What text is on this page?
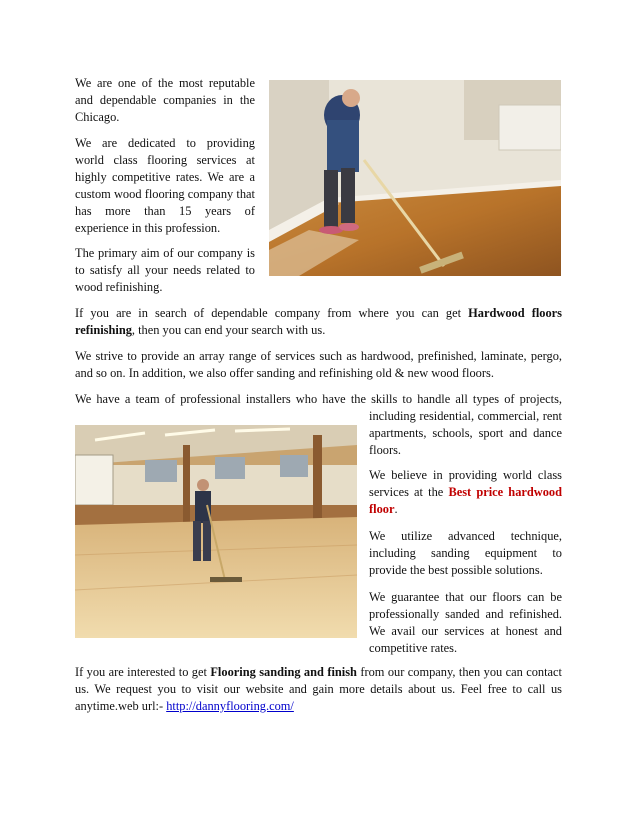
We are one of the most reputable and dependable companies in the Chicago.

We are dedicated to providing world class flooring services at highly competitive rates. We are a custom wood flooring company that has more than 15 years of experience in this profession.

The primary aim of our company is to satisfy all your needs related to wood refinishing.

If you are in search of dependable company from where you can get Hardwood floors refinishing, then you can end your search with us.

We strive to provide an array range of services such as hardwood, prefinished, laminate, pergo, and so on. In addition, we also offer sanding and refinishing old & new wood floors.

We have a team of professional installers who have the skills to handle all types of projects,

including residential, commercial, rent apartments, schools, sport and dance floors.

We believe in providing world class services at the Best price hardwood floor.

We utilize advanced technique, including sanding equipment to provide the best possible solutions.

We guarantee that our floors can be professionally sanded and refinished. We avail our services at honest and competitive rates.

If you are interested to get Flooring sanding and finish from our company, then you can contact us. We request you to visit our website and gain more details about us. Feel free to call us anytime.web url:- http://dannyflooring.com/
